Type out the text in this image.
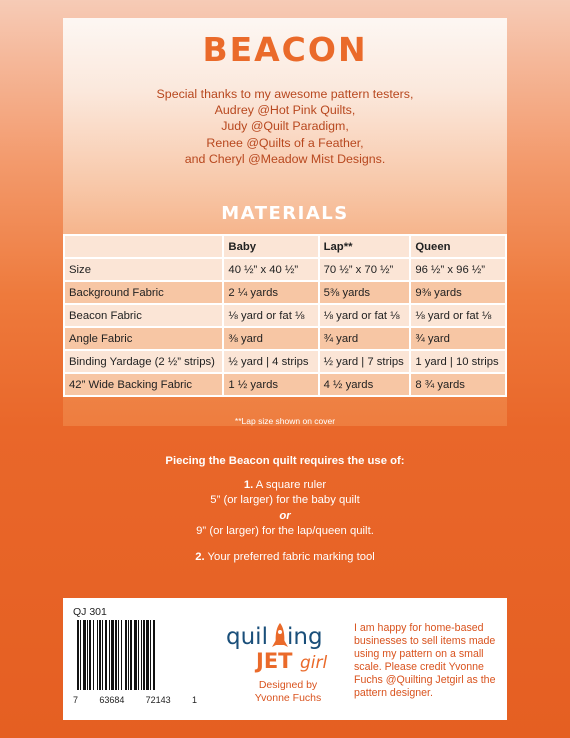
BEACON
Special thanks to my awesome pattern testers,
Audrey @Hot Pink Quilts,
Judy @Quilt Paradigm,
Renee @Quilts of a Feather,
and Cheryl @Meadow Mist Designs.
MATERIALS
	Baby	Lap**	Queen
Size	40 ½” x 40 ½”	70 ½” x 70 ½”	96 ½” x 96 ½”
Background Fabric	2 ¼ yards	5⅜ yards	9⅜ yards
Beacon Fabric	⅛ yard or fat ⅛	⅛ yard or fat ⅛	⅛ yard or fat ⅛
Angle Fabric	⅜ yard	¾ yard	¾ yard
Binding Yardage (2 ½” strips)	½ yard | 4 strips	½ yard | 7 strips	1 yard | 10 strips
42” Wide Backing Fabric	1 ½ yards	4 ½ yards	8 ¾ yards
**Lap size shown on cover
Piecing the Beacon quilt requires the use of:
1. A square ruler
5” (or larger) for the baby quilt
or
9” (or larger) for the lap/queen quilt.
2. Your preferred fabric marking tool
QJ 301
7 63684 72143 1
quil ing
JET girl
Designed by
Yvonne Fuchs
I am happy for home-based businesses to sell items made using my pattern on a small scale. Please credit Yvonne Fuchs @Quilting Jetgirl as the pattern designer.
